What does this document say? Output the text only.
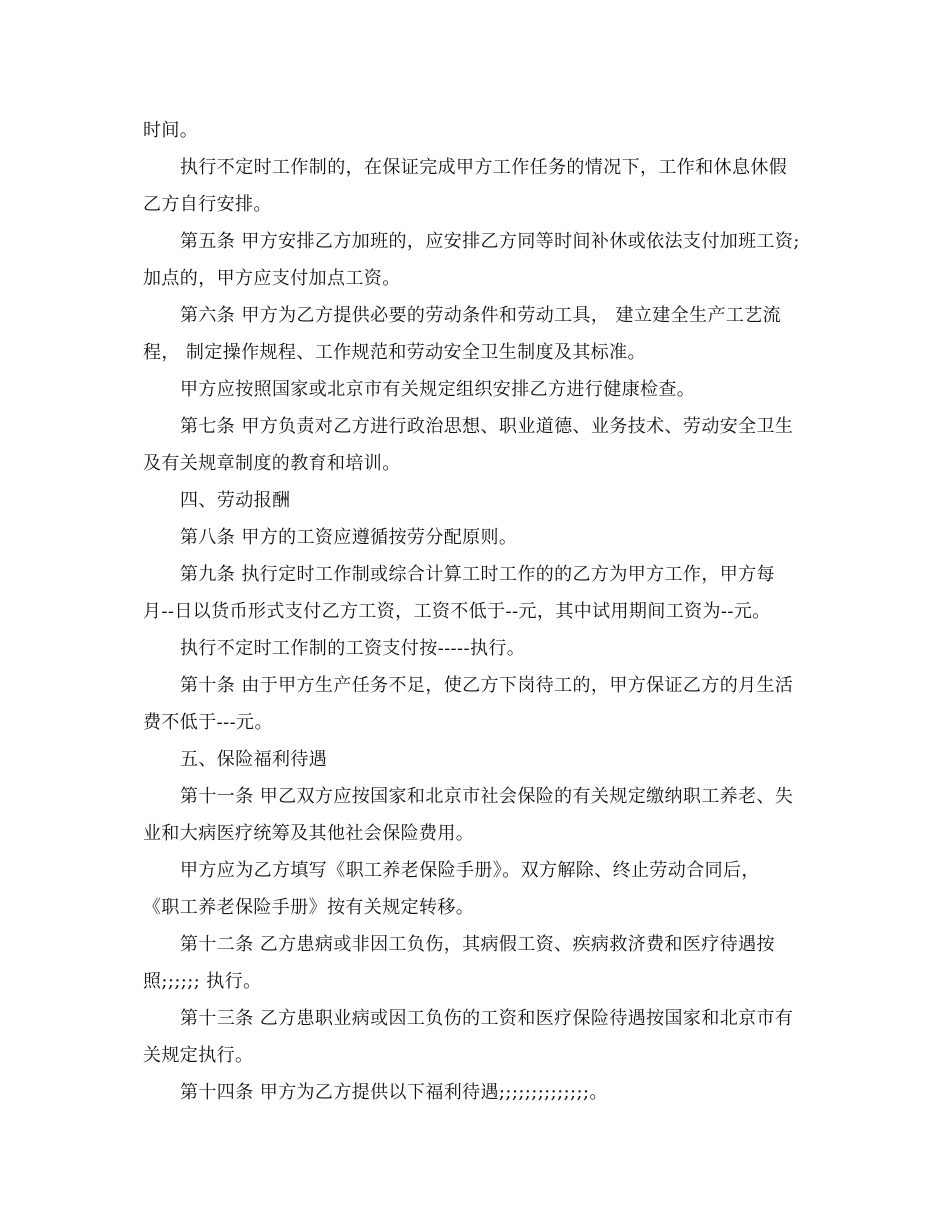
时间。
执行不定时工作制的，在保证完成甲方工作任务的情况下，工作和休息休假
乙方自行安排。
第五条 甲方安排乙方加班的，应安排乙方同等时间补休或依法支付加班工资;
加点的，甲方应支付加点工资。
第六条 甲方为乙方提供必要的劳动条件和劳动工具， 建立建全生产工艺流
程， 制定操作规程、工作规范和劳动安全卫生制度及其标准。
甲方应按照国家或北京市有关规定组织安排乙方进行健康检查。
第七条 甲方负责对乙方进行政治思想、职业道德、业务技术、劳动安全卫生
及有关规章制度的教育和培训。
四、劳动报酬
第八条 甲方的工资应遵循按劳分配原则。
第九条 执行定时工作制或综合计算工时工作的的乙方为甲方工作，甲方每
月--日以货币形式支付乙方工资，工资不低于--元，其中试用期间工资为--元。
执行不定时工作制的工资支付按-----执行。
第十条 由于甲方生产任务不足，使乙方下岗待工的，甲方保证乙方的月生活
费不低于---元。
五、保险福利待遇
第十一条 甲乙双方应按国家和北京市社会保险的有关规定缴纳职工养老、失
业和大病医疗统筹及其他社会保险费用。
甲方应为乙方填写《职工养老保险手册》。双方解除、终止劳动合同后，
《职工养老保险手册》按有关规定转移。
第十二条 乙方患病或非因工负伤，其病假工资、疾病救济费和医疗待遇按
照;;;;;; 执行。
第十三条 乙方患职业病或因工负伤的工资和医疗保险待遇按国家和北京市有
关规定执行。
第十四条 甲方为乙方提供以下福利待遇;;;;;;;;;;;;;;。
